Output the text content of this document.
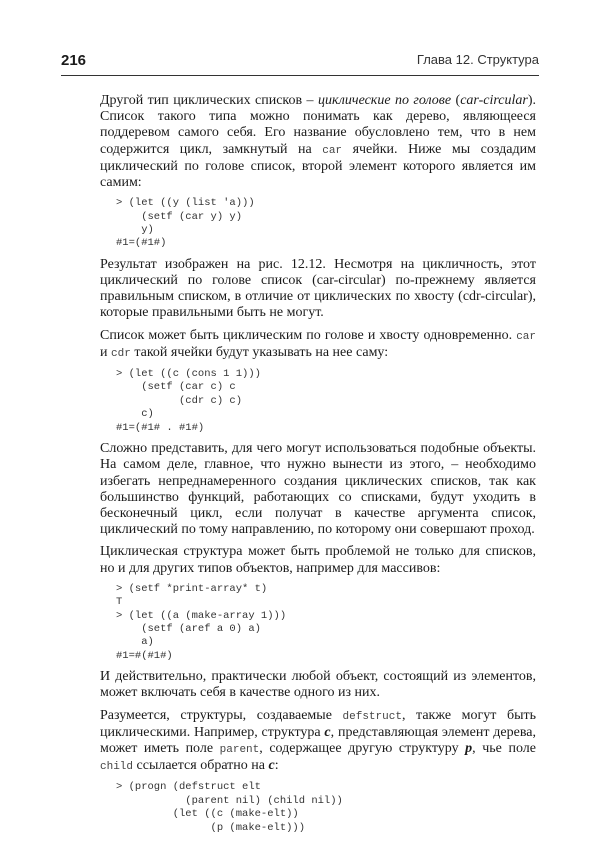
216	Глава 12. Структура

Другой тип циклических списков – циклические по голове (car-circular). Список такого типа можно понимать как дерево, являющееся поддеревом самого себя. Его название обусловлено тем, что в нем содержится цикл, замкнутый на car ячейки. Ниже мы создадим циклический по голове список, второй элемент которого является им самим:

> (let ((y (list 'a)))
(setf (car y) y)
y)
#1=(#1#)

Результат изображен на рис. 12.12. Несмотря на цикличность, этот циклический по голове список (car-circular) по-прежнему является правильным списком, в отличие от циклических по хвосту (cdr-circular), которые правильными быть не могут.

Список может быть циклическим по голове и хвосту одновременно. car и cdr такой ячейки будут указывать на нее саму:

> (let ((c (cons 1 1)))
(setf (car c) c
(cdr c) c)
c)
#1=(#1# . #1#)

Сложно представить, для чего могут использоваться подобные объекты. На самом деле, главное, что нужно вынести из этого, – необходимо избегать непреднамеренного создания циклических списков, так как большинство функций, работающих со списками, будут уходить в бесконечный цикл, если получат в качестве аргумента список, циклический по тому направлению, по которому они совершают проход.

Циклическая структура может быть проблемой не только для списков, но и для других типов объектов, например для массивов:

> (setf *print-array* t)
T
> (let ((a (make-array 1)))
(setf (aref a 0) a)
a)
#1=#(#1#)

И действительно, практически любой объект, состоящий из элементов, может включать себя в качестве одного из них.

Разумеется, структуры, создаваемые defstruct, также могут быть циклическими. Например, структура c, представляющая элемент дерева, может иметь поле parent, содержащее другую структуру p, чье поле child ссылается обратно на c:

> (progn (defstruct elt
(parent nil) (child nil))
(let ((c (make-elt))
(p (make-elt)))
